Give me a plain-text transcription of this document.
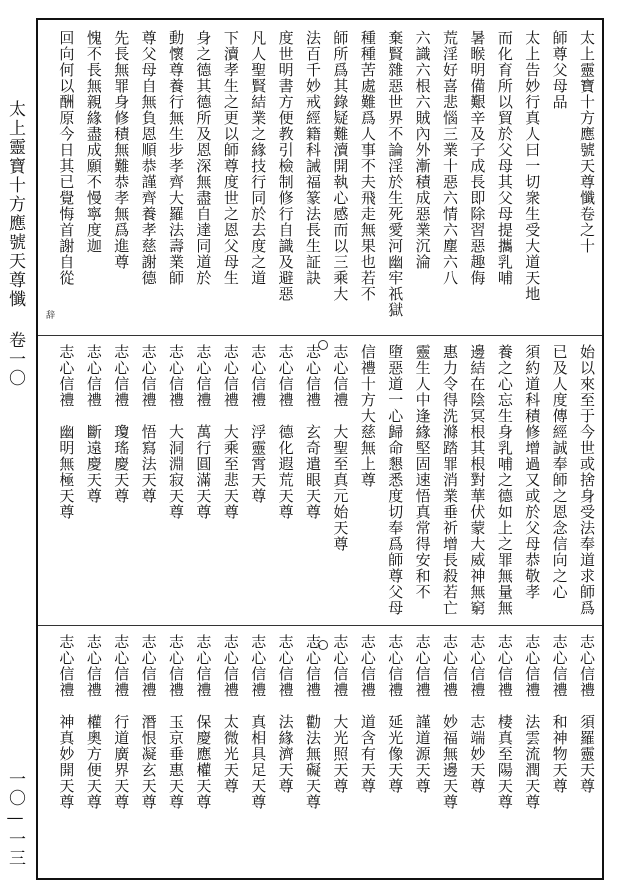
太上靈寶十方應號天尊懺 卷一〇
一〇—一三
辞
太上靈寶十方應號天尊懺卷之十
師尊父母品
太上告妙行真人曰一切衆生受大道天地
而化育所以貿於父母其父母提攜乳哺
暑睺明備艱辛及子成長即除習惡趣侮
荒淫好喜悲惱三業十惡六情六塵六八
六識六根六賊內外漸積成惡業沉淪
棄賢雜惡世界不論淫於生死愛河幽牢祇獄
種種苦處難爲人事不夫飛走無果也若不
師所爲其錄疑難瀆開執心感而以三乘大
法百千妙戒經籍科誡福篆法長生証訣
度世明書方便教引檢制修行自識及避惡
凡人聖賢結業之緣技行同於去度之道
下瀆孝生之更以師尊度世之恩父母生
身之德其德所及恩深無盡自達同道於
動懷尊養行無生步孝齊大羅法壽業師
尊父母自無負恩順恭謹齊養孝慈謝德
先長無罪身修積無難恭孝無爲進尊
愧不長無親緣盡成願不慢寧度迦
回向何以酬原今日其已覺悔首謝自從
始以來至于今世或捨身受法奉道求師爲
已及人度傳經誠奉師之恩念信向之心
須約道科積修增過又或於父母恭敬孝
養之心忘生身乳哺之德如上之罪無量無
邊結在陰冥根其根對華伏蒙大威神無窮
惠力令得洗滌踏罪消業垂祈增長殺若亡
靈生人中逢緣堅固速悟真常得安和不
墮惡道一心歸命懇悉度切奉爲師尊父母
信禮十方大慈無上尊
志心信禮　大聖至真元始天尊
志心信禮　玄奇遣眼天尊
志心信禮　德化遐荒天尊
志心信禮　浮靈霄天尊
志心信禮　大乘至悲天尊
志心信禮　萬行圓滿天尊
志心信禮　大洞淵寂天尊
志心信禮　悟寫法天尊
志心信禮　瓊瑤慶天尊
志心信禮　斷遠慶天尊
志心信禮　幽明無極天尊
志心信禮　須羅靈天尊
志心信禮　和神物天尊
志心信禮　法雲流潤天尊
志心信禮　棲真至陽天尊
志心信禮　志端妙天尊
志心信禮　妙福無邊天尊
志心信禮　謹道源天尊
志心信禮　延光像天尊
志心信禮　道含有天尊
志心信禮　大光照天尊
志心信禮　勸法無礙天尊
志心信禮　法緣濟天尊
志心信禮　真相具足天尊
志心信禮　太微光天尊
志心信禮　保慶應權天尊
志心信禮　玉京垂惠天尊
志心信禮　潛恨凝玄天尊
志心信禮　行道廣界天尊
志心信禮　權奧方便天尊
志心信禮　神真妙開天尊
